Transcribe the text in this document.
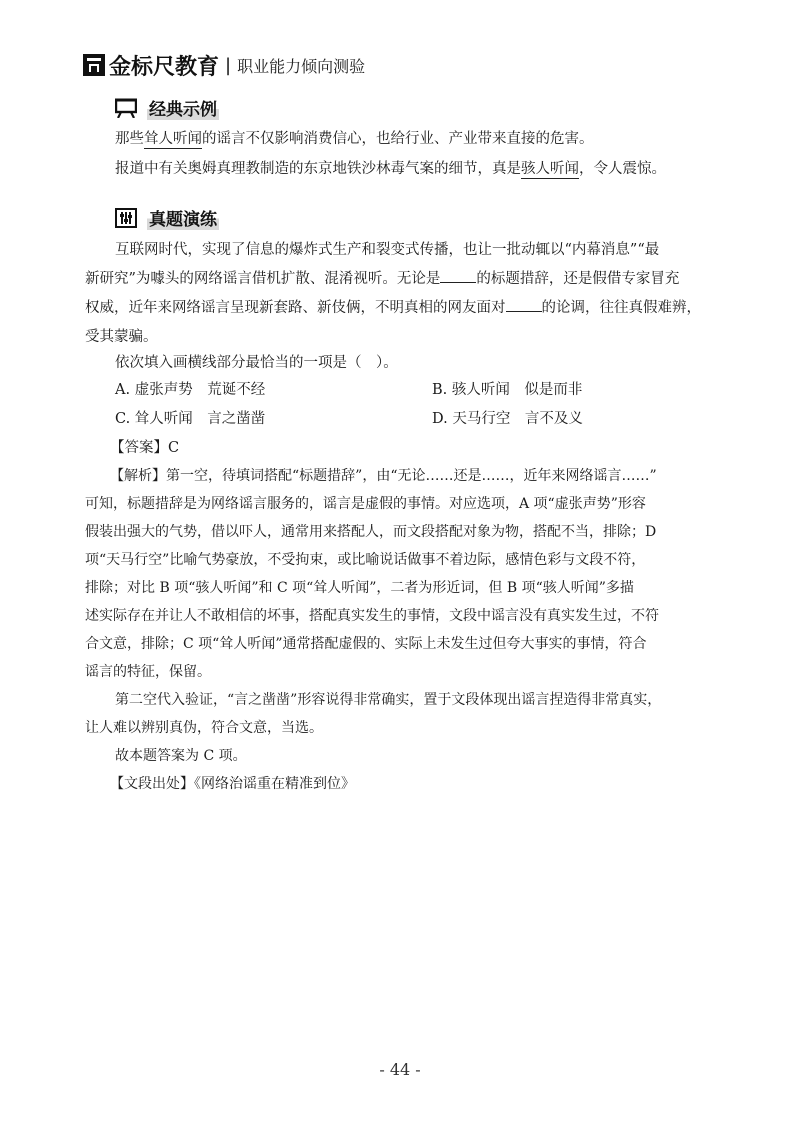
金标尺教育 | 职业能力倾向测验
经典示例
那些耸人听闻的谣言不仅影响消费信心，也给行业、产业带来直接的危害。
报道中有关奥姆真理教制造的东京地铁沙林毒气案的细节，真是骇人听闻，令人震惊。
真题演练
互联网时代，实现了信息的爆炸式生产和裂变式传播，也让一批动辄以“内幕消息”“最
新研究”为噱头的网络谣言借机扩散、混淆视听。无论是 的标题措辞，还是假借专家冒充
权威，近年来网络谣言呈现新套路、新伎俩，不明真相的网友面对 的论调，往往真假难辨，
受其蒙骗。
依次填入画横线部分最恰当的一项是（　）。
A. 虚张声势　荒诞不经	B. 骇人听闻　似是而非
C. 耸人听闻　言之凿凿	D. 天马行空　言不及义
【答案】C
【解析】第一空，待填词搭配“标题措辞”，由“无论……还是……，近年来网络谣言……”
可知，标题措辞是为网络谣言服务的，谣言是虚假的事情。对应选项，A 项“虚张声势”形容
假装出强大的气势，借以吓人，通常用来搭配人，而文段搭配对象为物，搭配不当，排除；D
项“天马行空”比喻气势豪放，不受拘束，或比喻说话做事不着边际，感情色彩与文段不符，
排除；对比 B 项“骇人听闻”和 C 项“耸人听闻”，二者为形近词，但 B 项“骇人听闻”多描
述实际存在并让人不敢相信的坏事，搭配真实发生的事情，文段中谣言没有真实发生过，不符
合文意，排除；C 项“耸人听闻”通常搭配虚假的、实际上未发生过但夸大事实的事情，符合
谣言的特征，保留。
第二空代入验证，“言之凿凿”形容说得非常确实，置于文段体现出谣言捏造得非常真实，
让人难以辨别真伪，符合文意，当选。
故本题答案为 C 项。
【文段出处】《网络治谣重在精准到位》
- 44 -
